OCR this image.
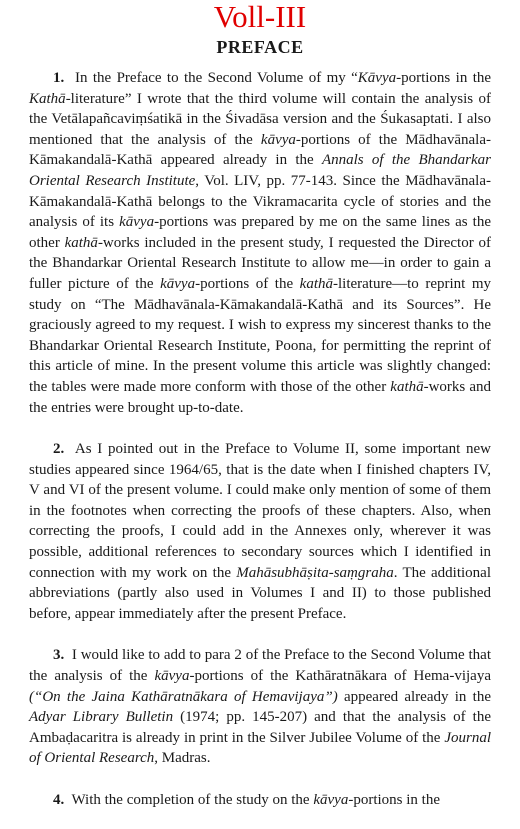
Voll-III
PREFACE

1. In the Preface to the Second Volume of my “Kāvya-portions in the Kathā-literature” I wrote that the third volume will contain the analysis of the Vetālapañcaviṃśatikā in the Śivadāsa version and the Śukasaptati. I also mentioned that the analysis of the kāvya-portions of the Mādhavānala-Kāmakandalā-Kathā appeared already in the Annals of the Bhandarkar Oriental Research Institute, Vol. LIV, pp. 77-143. Since the Mādhavānala-Kāmakandalā-Kathā belongs to the Vikramacarita cycle of stories and the analysis of its kāvya-portions was prepared by me on the same lines as the other kathā-works included in the present study, I requested the Director of the Bhandarkar Oriental Research Institute to allow me—in order to gain a fuller picture of the kāvya-portions of the kathā-literature—to reprint my study on “The Mādhavānala-Kāmakandalā-Kathā and its Sources”. He graciously agreed to my request. I wish to express my sincerest thanks to the Bhandarkar Oriental Research Institute, Poona, for permitting the reprint of this article of mine. In the present volume this article was slightly changed: the tables were made more conform with those of the other kathā-works and the entries were brought up-to-date.

2. As I pointed out in the Preface to Volume II, some important new studies appeared since 1964/65, that is the date when I finished chapters IV, V and VI of the present volume. I could make only mention of some of them in the footnotes when correcting the proofs of these chapters. Also, when correcting the proofs, I could add in the Annexes only, wherever it was possible, additional references to secondary sources which I identified in connection with my work on the Mahāsubhāṣita-saṃgraha. The additional abbreviations (partly also used in Volumes I and II) to those published before, appear immediately after the present Preface.

3. I would like to add to para 2 of the Preface to the Second Volume that the analysis of the kāvya-portions of the Kathāratnākara of Hema-vijaya (“On the Jaina Kathāratnākara of Hemavijaya”) appeared already in the Adyar Library Bulletin (1974; pp. 145-207) and that the analysis of the Ambaḍacaritra is already in print in the Silver Jubilee Volume of the Journal of Oriental Research, Madras.

4. With the completion of the study on the kāvya-portions in the
